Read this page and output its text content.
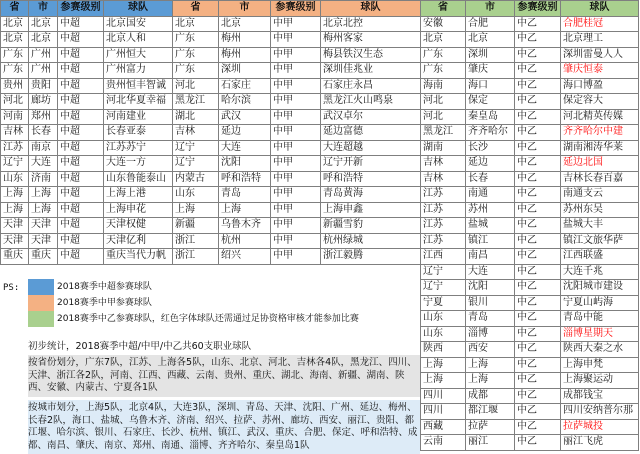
省	市	参赛级别	球队
北京	北京	中超	北京国安
北京	北京	中超	北京人和
广东	广州	中超	广州恒大
广东	广州	中超	广州富力
贵州	贵阳	中超	贵州恒丰智诚
河北	廊坊	中超	河北华夏幸福
河南	郑州	中超	河南建业
吉林	长春	中超	长春亚泰
江苏	南京	中超	江苏苏宁
辽宁	大连	中超	大连一方
山东	济南	中超	山东鲁能泰山
上海	上海	中超	上海上港
上海	上海	中超	上海申花
天津	天津	中超	天津权健
天津	天津	中超	天津亿利
重庆	重庆	中超	重庆当代力帆
省	市	参赛级别	球队
北京	北京	中甲	北京北控
广东	梅州	中甲	梅州客家
广东	梅州	中甲	梅县铁汉生态
广东	深圳	中甲	深圳佳兆业
河北	石家庄	中甲	石家庄永昌
黑龙江	哈尔滨	中甲	黑龙江火山鸣泉
湖北	武汉	中甲	武汉卓尔
吉林	延边	中甲	延边富德
辽宁	大连	中甲	大连超越
辽宁	沈阳	中甲	辽宁开新
内蒙古	呼和浩特	中甲	呼和浩特
山东	青岛	中甲	青岛黄海
上海	上海	中甲	上海申鑫
新疆	乌鲁木齐	中甲	新疆雪豹
浙江	杭州	中甲	杭州绿城
浙江	绍兴	中甲	浙江毅腾
省	市	参赛级别	球队
安徽	合肥	中乙	合肥桂冠
北京	北京	中乙	北京理工
广东	深圳	中乙	深圳雷曼人人
广东	肇庆	中乙	肇庆恒泰
海南	海口	中乙	海口博盈
河北	保定	中乙	保定容大
河北	秦皇岛	中乙	河北精英传媒
黑龙江	齐齐哈尔	中乙	齐齐哈尔中建
湖南	长沙	中乙	湖南湘涛华莱
吉林	延边	中乙	延边北国
吉林	长春	中乙	吉林长春百嘉
江苏	南通	中乙	南通支云
江苏	苏州	中乙	苏州东吴
江苏	盐城	中乙	盐城大丰
江苏	镇江	中乙	镇江文旅华萨
江西	南昌	中乙	江西联盛
辽宁	大连	中乙	大连千兆
辽宁	沈阳	中乙	沈阳城市建设
宁夏	银川	中乙	宁夏山屿海
山东	青岛	中乙	青岛中能
山东	淄博	中乙	淄博星期天
陕西	西安	中乙	陕西大秦之水
上海	上海	中乙	上海申梵
上海	上海	中乙	上海聚运动
四川	成都	中乙	成都钱宝
四川	都江堰	中乙	四川安纳普尔那
西藏	拉萨	中乙	拉萨城投
云南	丽江	中乙	丽江飞虎
PS:	2018赛季中超参赛球队
2018赛季中甲参赛球队
2018赛季中乙参赛球队，红色字体球队还需通过足协资格审核才能参加比赛
初步统计，2018赛季中超/中甲/中乙共60支职业球队
按省份划分，广东7队，江苏、上海各5队，山东、北京、河北、吉林各4队，黑龙江、四川、天津、浙江各2队，河南、江西、西藏、云南、贵州、重庆、湖北、海南、新疆、湖南、陕西、安徽、内蒙古、宁夏各1队
按城市划分，上海5队，北京4队，大连3队，深圳、青岛、天津、沈阳、广州、延边、梅州、长春2队，海口、盐城、乌鲁木齐、济南、绍兴、拉萨、苏州、廊坊、西安、丽江、贵阳、都江堰、哈尔滨、银川、石家庄、长沙、杭州、镇江、武汉、重庆、合肥、保定、呼和浩特、成都、南昌、肇庆、南京、郑州、南通、淄博、齐齐哈尔、秦皇岛1队
